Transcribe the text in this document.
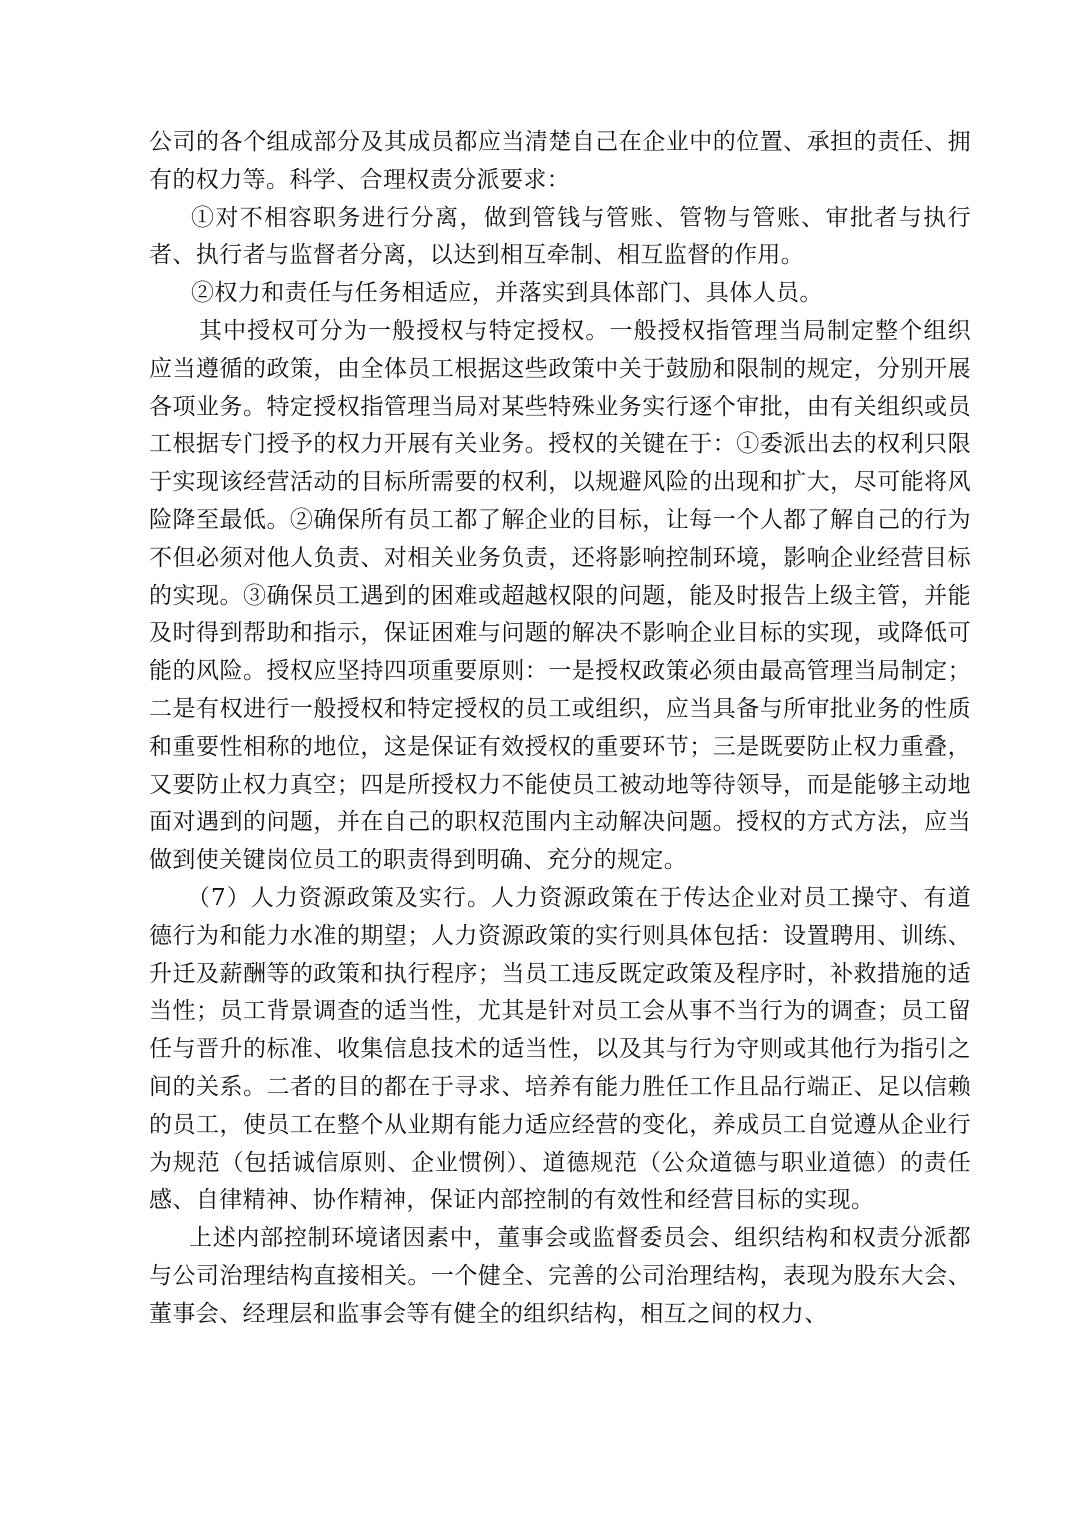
公司的各个组成部分及其成员都应当清楚自己在企业中的位置、承担的责任、拥有的权力等。科学、合理权责分派要求：

①对不相容职务进行分离，做到管钱与管账、管物与管账、审批者与执行者、执行者与监督者分离，以达到相互牵制、相互监督的作用。

②权力和责任与任务相适应，并落实到具体部门、具体人员。

其中授权可分为一般授权与特定授权。一般授权指管理当局制定整个组织应当遵循的政策，由全体员工根据这些政策中关于鼓励和限制的规定，分别开展各项业务。特定授权指管理当局对某些特殊业务实行逐个审批，由有关组织或员工根据专门授予的权力开展有关业务。授权的关键在于：①委派出去的权利只限于实现该经营活动的目标所需要的权利，以规避风险的出现和扩大，尽可能将风险降至最低。②确保所有员工都了解企业的目标，让每一个人都了解自己的行为不但必须对他人负责、对相关业务负责，还将影响控制环境，影响企业经营目标的实现。③确保员工遇到的困难或超越权限的问题，能及时报告上级主管，并能及时得到帮助和指示，保证困难与问题的解决不影响企业目标的实现，或降低可能的风险。授权应坚持四项重要原则：一是授权政策必须由最高管理当局制定；二是有权进行一般授权和特定授权的员工或组织，应当具备与所审批业务的性质和重要性相称的地位，这是保证有效授权的重要环节；三是既要防止权力重叠，又要防止权力真空；四是所授权力不能使员工被动地等待领导，而是能够主动地面对遇到的问题，并在自己的职权范围内主动解决问题。授权的方式方法，应当做到使关键岗位员工的职责得到明确、充分的规定。

（7）人力资源政策及实行。人力资源政策在于传达企业对员工操守、有道德行为和能力水准的期望；人力资源政策的实行则具体包括：设置聘用、训练、升迁及薪酬等的政策和执行程序；当员工违反既定政策及程序时，补救措施的适当性；员工背景调查的适当性，尤其是针对员工会从事不当行为的调查；员工留任与晋升的标准、收集信息技术的适当性，以及其与行为守则或其他行为指引之间的关系。二者的目的都在于寻求、培养有能力胜任工作且品行端正、足以信赖的员工，使员工在整个从业期有能力适应经营的变化，养成员工自觉遵从企业行为规范（包括诚信原则、企业惯例）、道德规范（公众道德与职业道德）的责任感、自律精神、协作精神，保证内部控制的有效性和经营目标的实现。

上述内部控制环境诸因素中，董事会或监督委员会、组织结构和权责分派都与公司治理结构直接相关。一个健全、完善的公司治理结构，表现为股东大会、董事会、经理层和监事会等有健全的组织结构，相互之间的权力、
